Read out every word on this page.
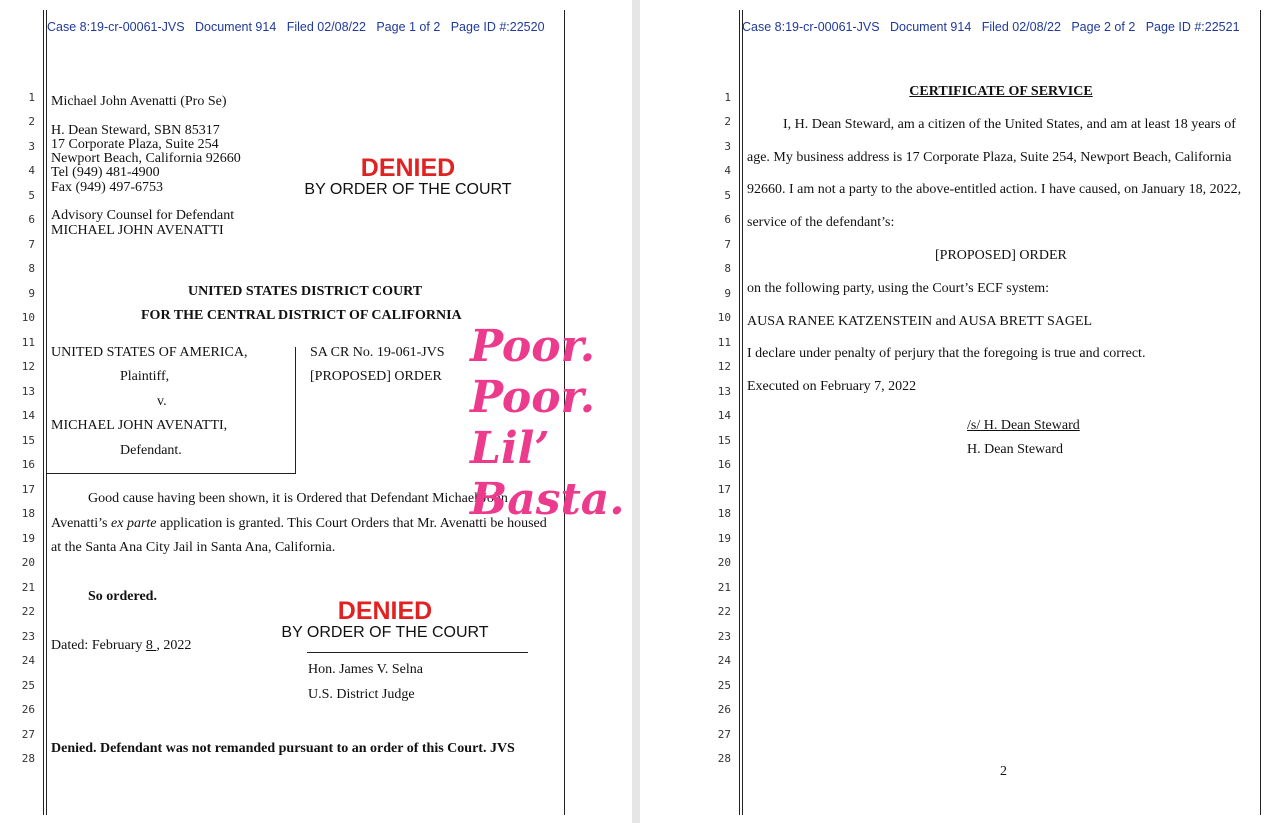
Case 8:19-cr-00061-JVS   Document 914   Filed 02/08/22   Page 1 of 2   Page ID #:22520
1
2
3
4
5
6
7
8
9
10
11
12
13
14
15
16
17
18
19
20
21
22
23
24
25
26
27
28
Michael John Avenatti (Pro Se)
H. Dean Steward, SBN 85317
17 Corporate Plaza, Suite 254
Newport Beach, California 92660
Tel (949) 481-4900
Fax (949) 497-6753
Advisory Counsel for Defendant
MICHAEL JOHN AVENATTI
DENIED
BY ORDER OF THE COURT
UNITED STATES DISTRICT COURT
FOR THE CENTRAL DISTRICT OF CALIFORNIA
UNITED STATES OF AMERICA,
Plaintiff,
v.
MICHAEL JOHN AVENATTI,
Defendant.
SA CR No. 19-061-JVS
[PROPOSED] ORDER
Good cause having been shown, it is Ordered that Defendant Michael John
Avenatti’s ex parte application is granted. This Court Orders that Mr. Avenatti be housed
at the Santa Ana City Jail in Santa Ana, California.
Poor.
Poor.
Lil’
Basta.
So ordered.
DENIED
BY ORDER OF THE COURT
Dated: February 8 , 2022
Hon. James V. Selna
U.S. District Judge
Denied. Defendant was not remanded pursuant to an order of this Court. JVS
Case 8:19-cr-00061-JVS   Document 914   Filed 02/08/22   Page 2 of 2   Page ID #:22521
1
2
3
4
5
6
7
8
9
10
11
12
13
14
15
16
17
18
19
20
21
22
23
24
25
26
27
28
CERTIFICATE OF SERVICE
I, H. Dean Steward, am a citizen of the United States, and am at least 18 years of
age. My business address is 17 Corporate Plaza, Suite 254, Newport Beach, California
92660. I am not a party to the above-entitled action. I have caused, on January 18, 2022,
service of the defendant’s:
[PROPOSED] ORDER
on the following party, using the Court’s ECF system:
AUSA RANEE KATZENSTEIN and AUSA BRETT SAGEL
I declare under penalty of perjury that the foregoing is true and correct.
Executed on February 7, 2022
/s/ H. Dean Steward
H. Dean Steward
2
